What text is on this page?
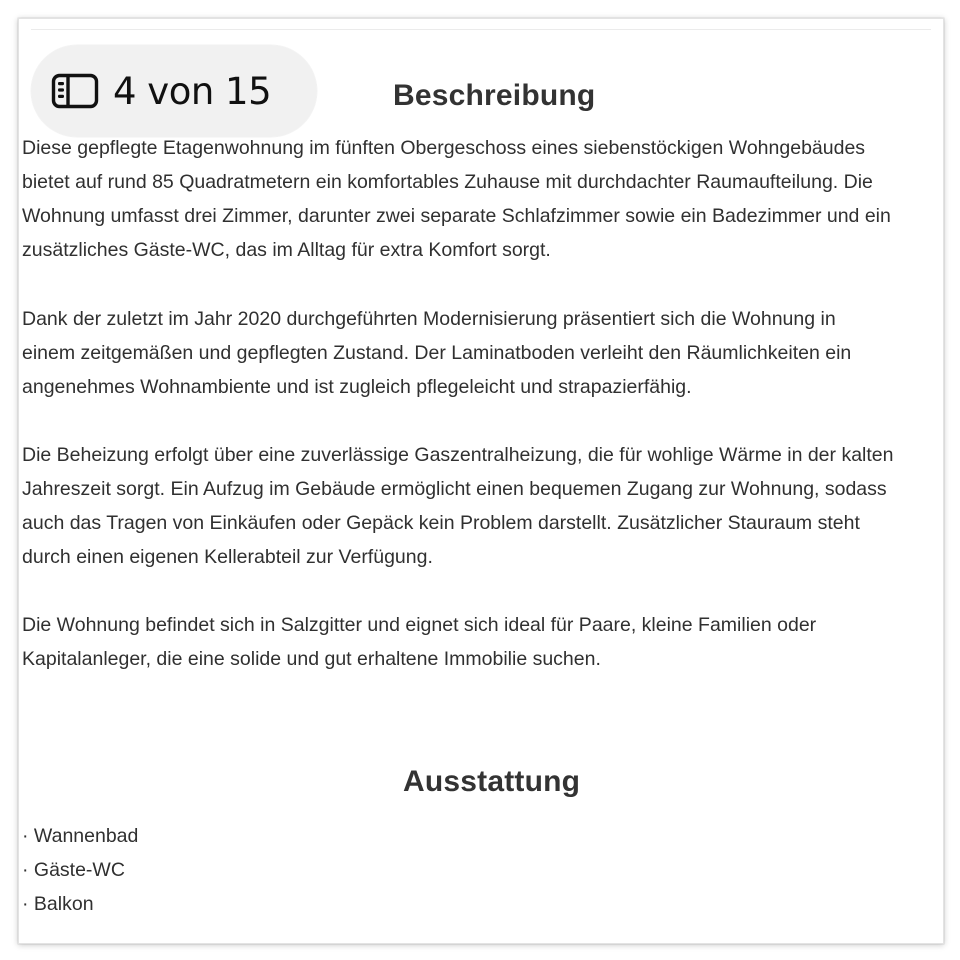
Beschreibung
Diese gepflegte Etagenwohnung im fünften Obergeschoss eines siebenstöckigen Wohngebäudes
bietet auf rund 85 Quadratmetern ein komfortables Zuhause mit durchdachter Raumaufteilung. Die
Wohnung umfasst drei Zimmer, darunter zwei separate Schlafzimmer sowie ein Badezimmer und ein
zusätzliches Gäste-WC, das im Alltag für extra Komfort sorgt.
Dank der zuletzt im Jahr 2020 durchgeführten Modernisierung präsentiert sich die Wohnung in
einem zeitgemäßen und gepflegten Zustand. Der Laminatboden verleiht den Räumlichkeiten ein
angenehmes Wohnambiente und ist zugleich pflegeleicht und strapazierfähig.
Die Beheizung erfolgt über eine zuverlässige Gaszentralheizung, die für wohlige Wärme in der kalten
Jahreszeit sorgt. Ein Aufzug im Gebäude ermöglicht einen bequemen Zugang zur Wohnung, sodass
auch das Tragen von Einkäufen oder Gepäck kein Problem darstellt. Zusätzlicher Stauraum steht
durch einen eigenen Kellerabteil zur Verfügung.
Die Wohnung befindet sich in Salzgitter und eignet sich ideal für Paare, kleine Familien oder
Kapitalanleger, die eine solide und gut erhaltene Immobilie suchen.
Ausstattung
· Wannenbad
· Gäste-WC
· Balkon
4 von 15
